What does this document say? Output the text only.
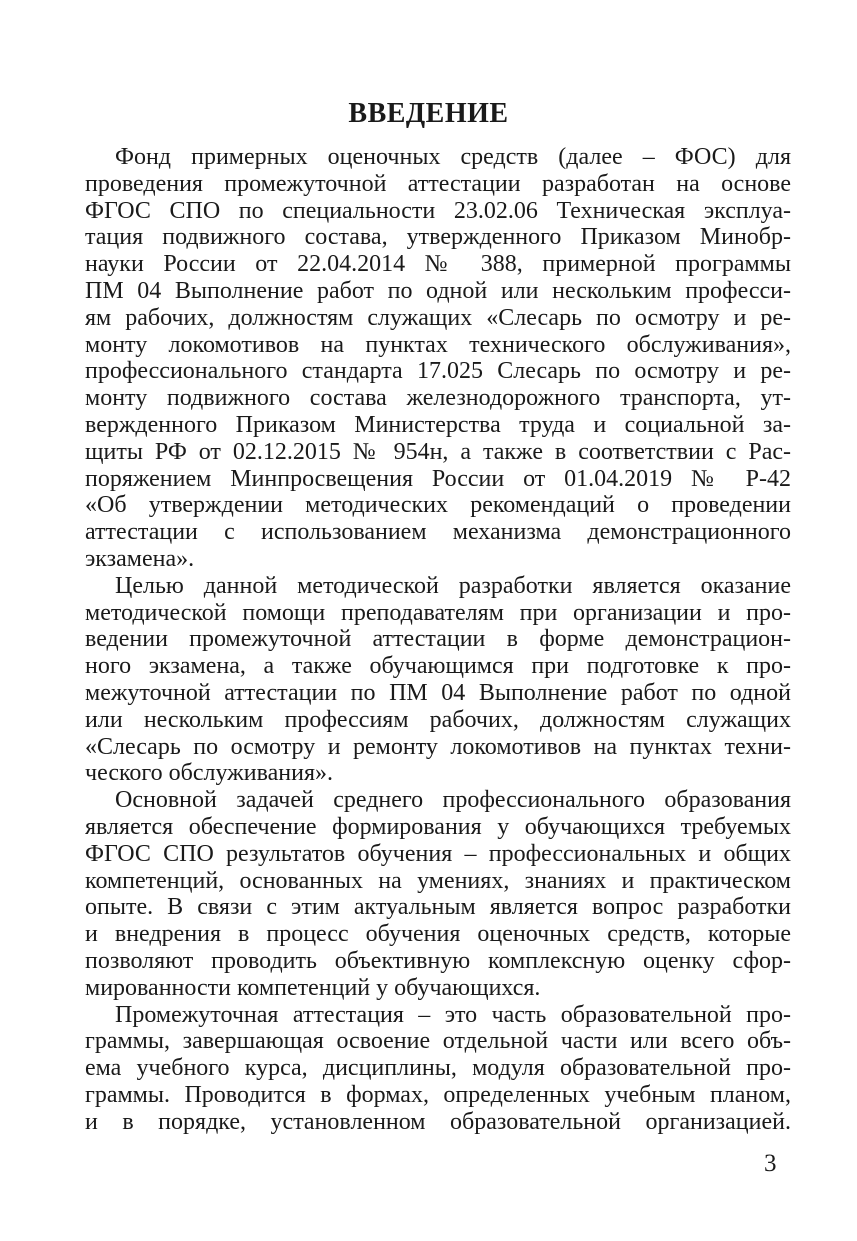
ВВЕДЕНИЕ
Фонд примерных оценочных средств (далее – ФОС) для
проведения промежуточной аттестации разработан на основе
ФГОС СПО по специальности 23.02.06 Техническая эксплуа-
тация подвижного состава, утвержденного Приказом Минобр-
науки России от 22.04.2014 № 388, примерной программы
ПМ 04 Выполнение работ по одной или нескольким професси-
ям рабочих, должностям служащих «Слесарь по осмотру и ре-
монту локомотивов на пунктах технического обслуживания»,
профессионального стандарта 17.025 Слесарь по осмотру и ре-
монту подвижного состава железнодорожного транспорта, ут-
вержденного Приказом Министерства труда и социальной за-
щиты РФ от 02.12.2015 № 954н, а также в соответствии с Рас-
поряжением Минпросвещения России от 01.04.2019 № Р-42
«Об утверждении методических рекомендаций о проведении
аттестации с использованием механизма демонстрационного
экзамена».
Целью данной методической разработки является оказание
методической помощи преподавателям при организации и про-
ведении промежуточной аттестации в форме демонстрацион-
ного экзамена, а также обучающимся при подготовке к про-
межуточной аттестации по ПМ 04 Выполнение работ по одной
или нескольким профессиям рабочих, должностям служащих
«Слесарь по осмотру и ремонту локомотивов на пунктах техни-
ческого обслуживания».
Основной задачей среднего профессионального образования
является обеспечение формирования у обучающихся требуемых
ФГОС СПО результатов обучения – профессиональных и общих
компетенций, основанных на умениях, знаниях и практическом
опыте. В связи с этим актуальным является вопрос разработки
и внедрения в процесс обучения оценочных средств, которые
позволяют проводить объективную комплексную оценку сфор-
мированности компетенций у обучающихся.
Промежуточная аттестация – это часть образовательной про-
граммы, завершающая освоение отдельной части или всего объ-
ема учебного курса, дисциплины, модуля образовательной про-
граммы. Проводится в формах, определенных учебным планом,
и в порядке, установленном образовательной организацией.
3
